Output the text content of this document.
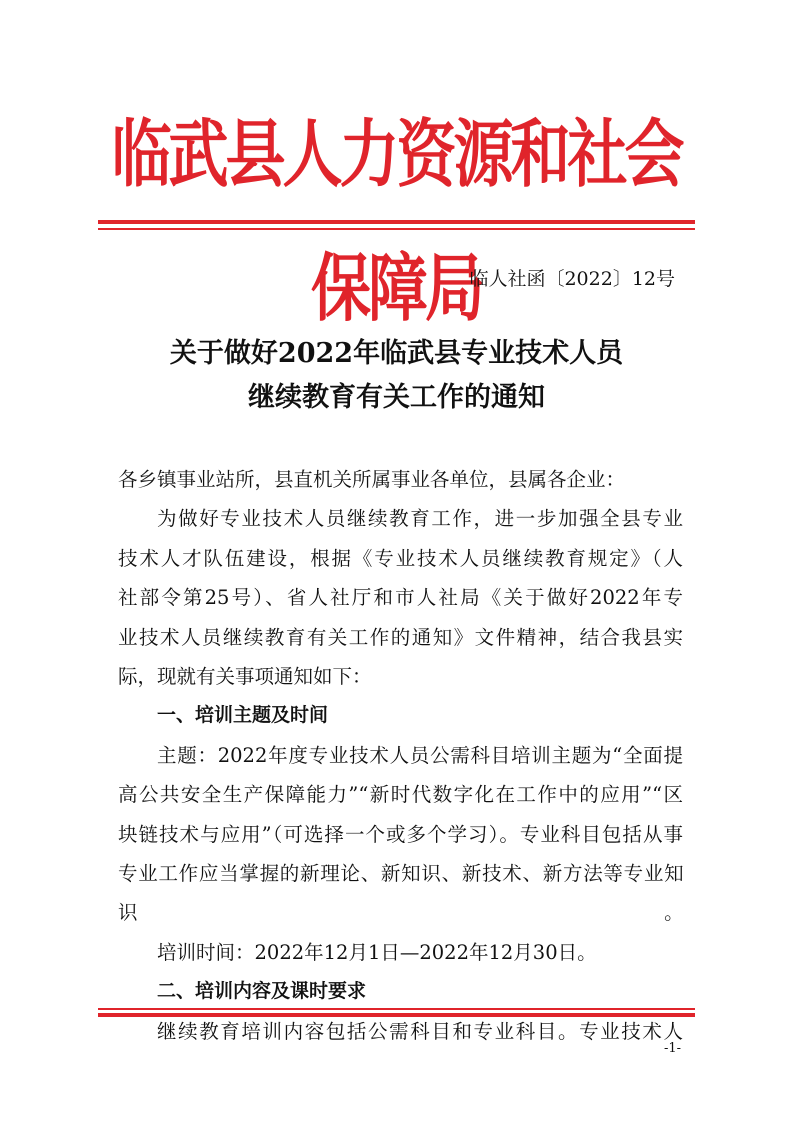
临武县人力资源和社会保障局
临人社函〔2022〕12号
关于做好2022年临武县专业技术人员
继续教育有关工作的通知

各乡镇事业站所，县直机关所属事业各单位，县属各企业：

为做好专业技术人员继续教育工作，进一步加强全县专业

技术人才队伍建设，根据《专业技术人员继续教育规定》（人

社部令第25号）、省人社厅和市人社局《关于做好2022年专

业技术人员继续教育有关工作的通知》文件精神，结合我县实

际，现就有关事项通知如下：

一、培训主题及时间

主题：2022年度专业技术人员公需科目培训主题为“全面提

高公共安全生产保障能力”“新时代数字化在工作中的应用”“区

块链技术与应用”（可选择一个或多个学习）。专业科目包括从事

专业工作应当掌握的新理论、新知识、新技术、新方法等专业知识。

培训时间：2022年12月1日—2022年12月30日。

二、培训内容及课时要求

继续教育培训内容包括公需科目和专业科目。专业技术人

-1-
